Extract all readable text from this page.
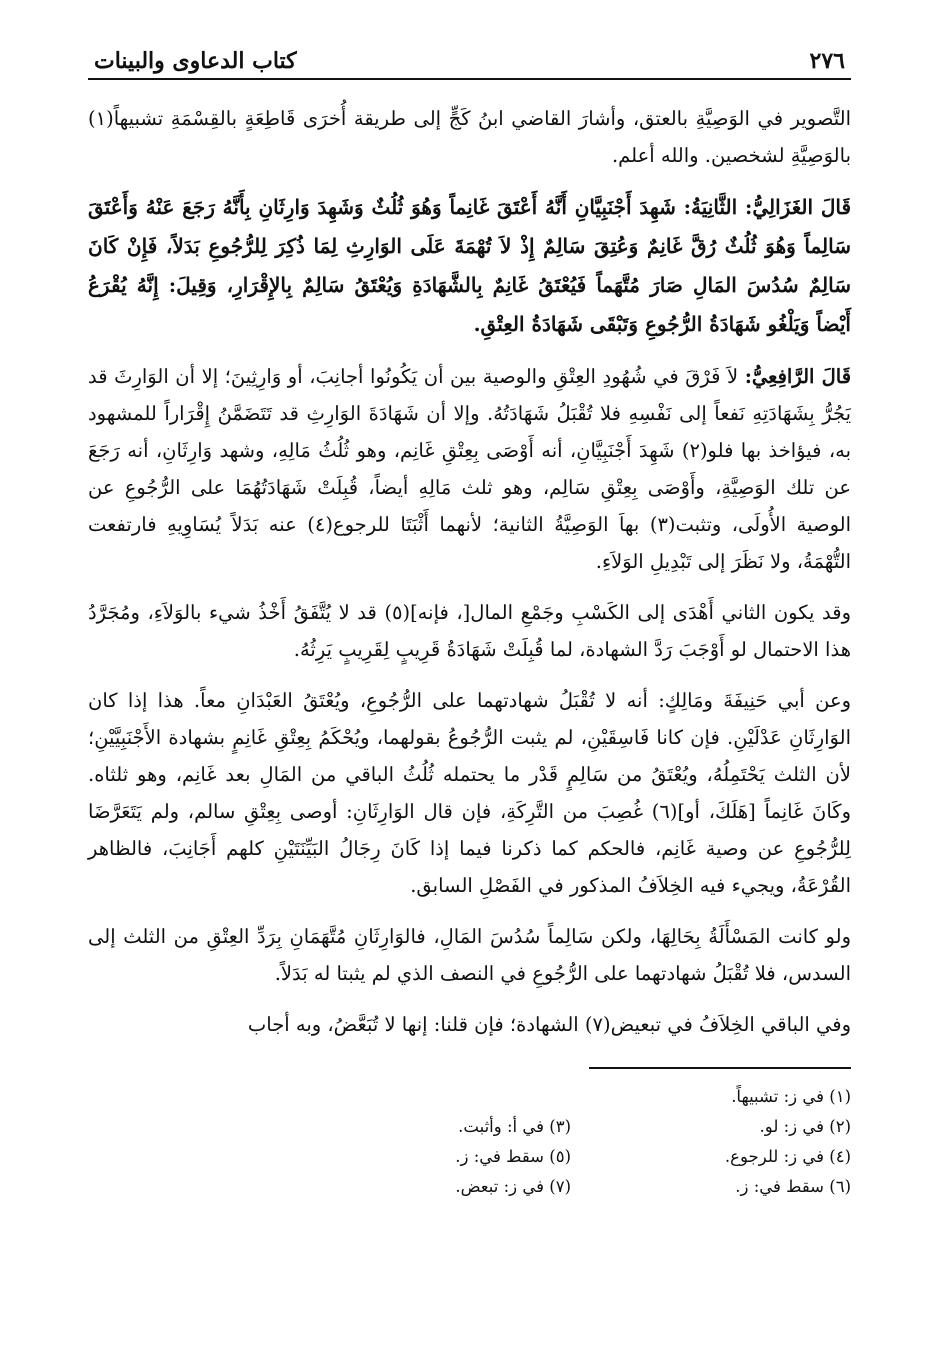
٢٧٦
كتاب الدعاوى والبينات

التَّصوير في الوَصِيَّةِ بالعتق، وأشارَ القاضي ابنُ كَجٍّ إلى طريقة أُخرَى قَاطِعَةٍ بالقِسْمَةِ تشبيهاً(١) بالوَصِيَّةِ لشخصين. والله أعلم.

قَالَ الغَزَالِيُّ: الثَّانِيَةُ: شَهِدَ أَجْنَبِيَّانِ أَنَّهُ أَعْتَقَ غَانِماً وَهُوَ ثُلُثٌ وَشَهِدَ وَارِثَانِ بِأَنَّهُ رَجَعَ عَنْهُ وَأَعْتَقَ سَالِماً وَهُوَ ثُلُثٌ رُقَّ غَانِمٌ وَعُتِقَ سَالِمٌ إِذْ لاَ تُهْمَةَ عَلَى الوَارِثِ لِمَا ذُكِرَ لِلرُّجُوعِ بَدَلاً، فَإِنْ كَانَ سَالِمٌ سُدُسَ المَالِ صَارَ مُتَّهَماً فَيُعْتَقُ غَانِمٌ بِالشَّهَادَةِ وَيُعْتَقُ سَالِمٌ بِالإِقْرَارِ، وَقِيلَ: إِنَّهُ يُقْرَعُ أَيْضاً وَيَلْغُو شَهَادَةُ الرُّجُوعِ وَتَبْقَى شَهَادَةُ العِتْقِ.

قَالَ الرَّافِعِيُّ: لاَ فَرْقَ في شُهُودِ العِتْقِ والوصية بين أن يَكُونُوا أجانِبَ، أو وَارِثِينَ؛ إلا أن الوَارِثَ قد يَجُرُّ بِشَهَادَتِهِ نَفعاً إلى نَفْسِهِ فلا تُقْبَلُ شَهَادَتُهُ. وإلا أن شَهَادَةَ الوَارِثِ قد تَتَضَمَّنُ إِقْرَاراً للمشهود به، فيؤاخذ بها فلو(٢) شَهِدَ أَجْنَبِيَّانِ، أنه أَوْصَى بِعِتْقِ غَانِم، وهو ثُلُثُ مَالِهِ، وشهد وَارِثَانِ، أنه رَجَعَ عن تلك الوَصِيَّةِ، وأَوْصَى بِعِتْقِ سَالِم، وهو ثلث مَالِهِ أيضاً، قُبِلَتْ شَهَادَتُهُمَا على الرُّجُوعِ عن الوصية الأُولَى، وتثبت(٣) بهاَ الوَصِيَّةُ الثانية؛ لأنهما أَثْبَتَا للرجوع(٤) عنه بَدَلاً يُسَاوِيهِ فارتفعت التُّهْمَةُ، ولا نَظَرَ إلى تَبْدِيلِ الوَلاَءِ.

وقد يكون الثاني أَهْدَى إلى الكَسْبِ وجَمْعِ المال[، فإنه](٥) قد لا يُتَّفَقُ أَخْذُ شيء بالوَلاَءِ، ومُجَرَّدُ هذا الاحتمال لو أَوْجَبَ رَدَّ الشهادة، لما قُبِلَتْ شَهَادَةُ قَرِيبٍ لِقَرِيبٍ يَرِثُهُ.

وعن أبي حَنِيفَةَ ومَالِكٍ: أنه لا تُقْبَلُ شهادتهما على الرُّجُوعِ، ويُعْتَقُ العَبْدَانِ معاً. هذا إذا كان الوَارِثَانِ عَدْلَيْنِ. فإن كانا فَاسِقَيْنِ، لم يثبت الرُّجُوعُ بقولهما، ويُحْكَمُ بِعِتْقِ غَانِمٍ بشهادة الأَجْنَبِيَّيْنِ؛ لأن الثلث يَحْتَمِلُهُ، ويُعْتَقُ من سَالِمٍ قَدْر ما يحتمله ثُلُثُ الباقي من المَالِ بعد غَانِم، وهو ثلثاه. وكَانَ غَانِماً [هَلَكَ، أو](٦) غُصِبَ من التَّرِكَةِ، فإن قال الوَارِثَانِ: أوصى بِعِتْقِ سالم، ولم يَتَعَرَّضَا لِلرُّجُوعِ عن وصية غَانِم، فالحكم كما ذكرنا فيما إذا كَانَ رِجَالُ البَيِّنَتَيْنِ كلهم أَجَانِبَ، فالظاهر القُرْعَةُ، ويجيء فيه الخِلاَفُ المذكور في الفَصْلِ السابق.

ولو كانت المَسْأَلَةُ بِحَالِهَا، ولكن سَالِماً سُدُسَ المَالِ، فالوَارِثَانِ مُتَّهَمَانِ بِرَدِّ العِتْقِ من الثلث إلى السدس، فلا تُقْبَلُ شهادتهما على الرُّجُوعِ في النصف الذي لم يثبتا له بَدَلاً.

وفي الباقي الخِلاَفُ في تبعيض(٧) الشهادة؛ فإن قلنا: إنها لا تُبَعَّضُ، وبه أجاب

(١) في ز: تشبيهاً.
(٢) في ز: لو.
(٣) في أ: وأثبت.
(٤) في ز: للرجوع.
(٥) سقط في: ز.
(٦) سقط في: ز.
(٧) في ز: تبعض.
